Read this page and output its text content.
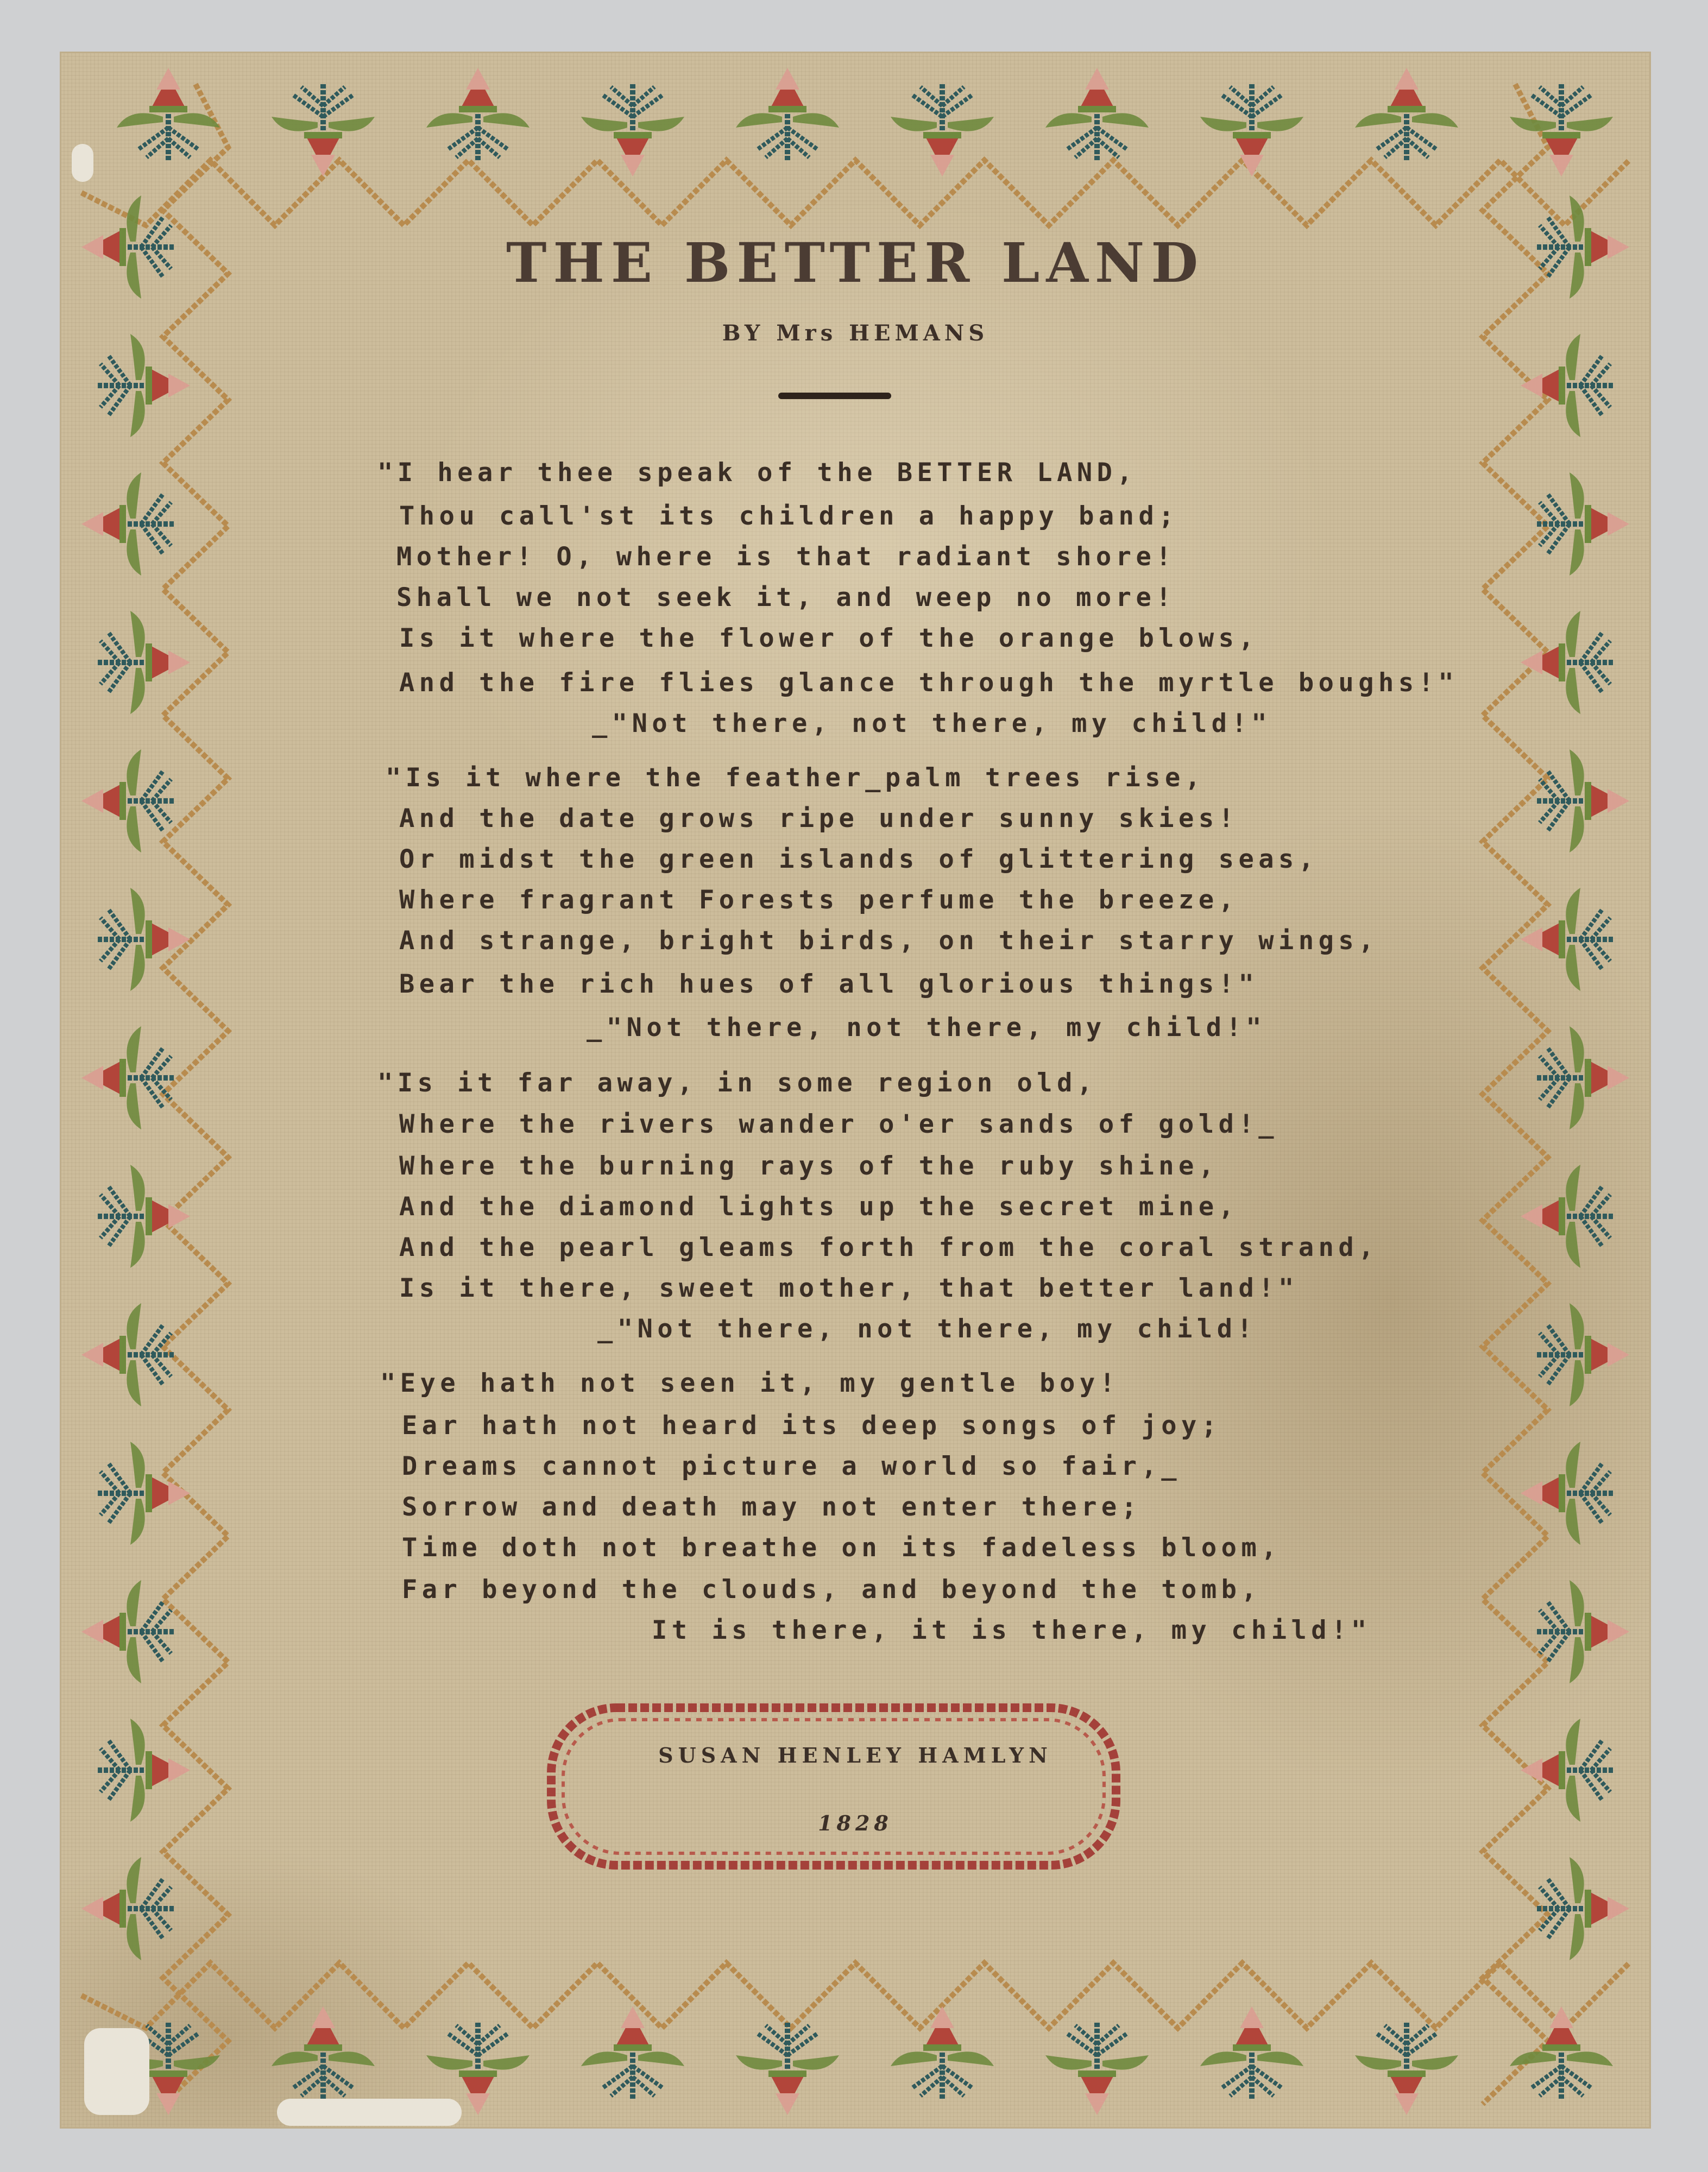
THE BETTER LAND
BY Mrs HEMANS
"I hear thee speak of the BETTER LAND,
Thou call'st its children a happy band;
Mother! O, where is that radiant shore!
Shall we not seek it, and weep no more!
Is it where the flower of the orange blows,
And the fire flies glance through the myrtle boughs!"
_"Not there, not there, my child!"
"Is it where the feather_palm trees rise,
And the date grows ripe under sunny skies!
Or midst the green islands of glittering seas,
Where fragrant Forests perfume the breeze,
And strange, bright birds, on their starry wings,
Bear the rich hues of all glorious things!"
_"Not there, not there, my child!"
"Is it far away, in some region old,
Where the rivers wander o'er sands of gold!_
Where the burning rays of the ruby shine,
And the diamond lights up the secret mine,
And the pearl gleams forth from the coral strand,
Is it there, sweet mother, that better land!"
_"Not there, not there, my child!
"Eye hath not seen it, my gentle boy!
Ear hath not heard its deep songs of joy;
Dreams cannot picture a world so fair,_
Sorrow and death may not enter there;
Time doth not breathe on its fadeless bloom,
Far beyond the clouds, and beyond the tomb,
It is there, it is there, my child!"
SUSAN HENLEY HAMLYN
1828
